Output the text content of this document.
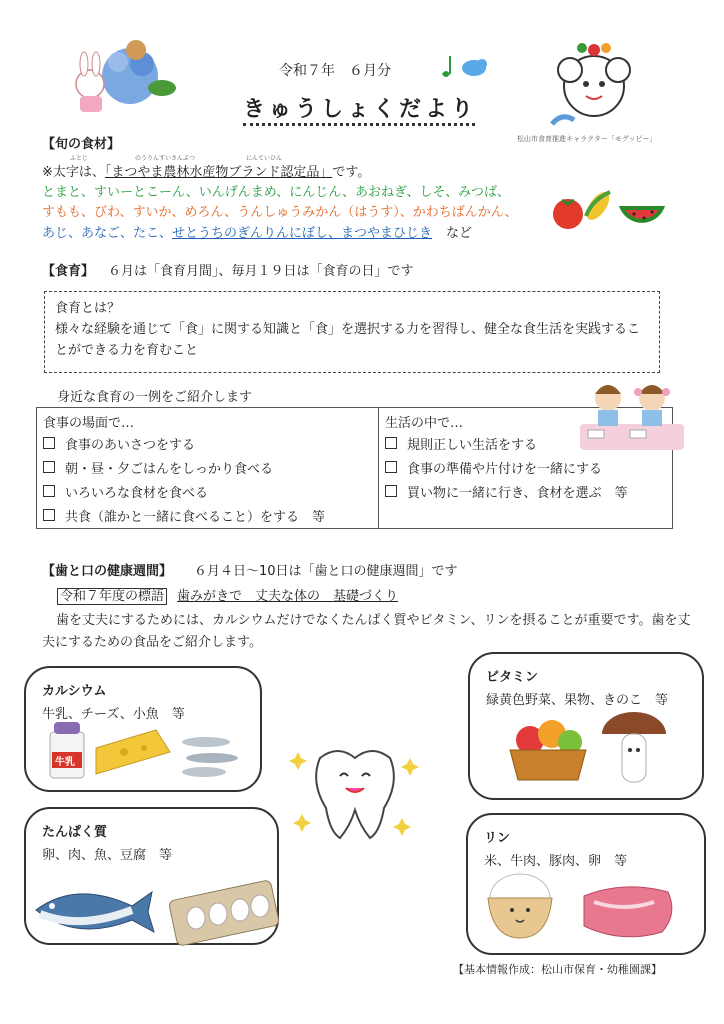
令和７年　６月分
きゅうしょくだより
松山市食育推進キャラクター「モグッピー」
【旬の食材】
ふとじ	のうりんすいさんぶつ	にんていひん
※太字は、「まつやま農林水産物ブランド認定品」です。
とまと、すいーとこーん、いんげんまめ、にんじん、あおねぎ、しそ、みつば、
すもも、びわ、すいか、めろん、うんしゅうみかん（はうす）、かわちばんかん、
あじ、あなご、たこ、せとうちのぎんりんにぼし、まつやまひじき など
【食育】 ６月は「食育月間」、毎月１９日は「食育の日」です
食育とは？
様々な経験を通じて「食」に関する知識と「食」を選択する力を習得し、健全な食生活を実践することができる力を育むこと
身近な食育の一例をご紹介します
食事の場面で…
食事のあいさつをする
朝・昼・夕ごはんをしっかり食べる
いろいろな食材を食べる
共食（誰かと一緒に食べること）をする　等
生活の中で…
規則正しい生活をする
食事の準備や片付けを一緒にする
買い物に一緒に行き、食材を選ぶ　等
【歯と口の健康週間】 ６月４日～10日は「歯と口の健康週間」です
令和７年度の標語 歯みがきで　丈夫な体の　基礎づくり
歯を丈夫にするためには、カルシウムだけでなくたんぱく質やビタミン、リンを摂ることが重要です。歯を丈夫にするための食品をご紹介します。
カルシウム
牛乳、チーズ、小魚　等
牛乳
ビタミン
緑黄色野菜、果物、きのこ　等
たんぱく質
卵、肉、魚、豆腐　等
リン
米、牛肉、豚肉、卵　等
【基本情報作成：松山市保育・幼稚園課】
